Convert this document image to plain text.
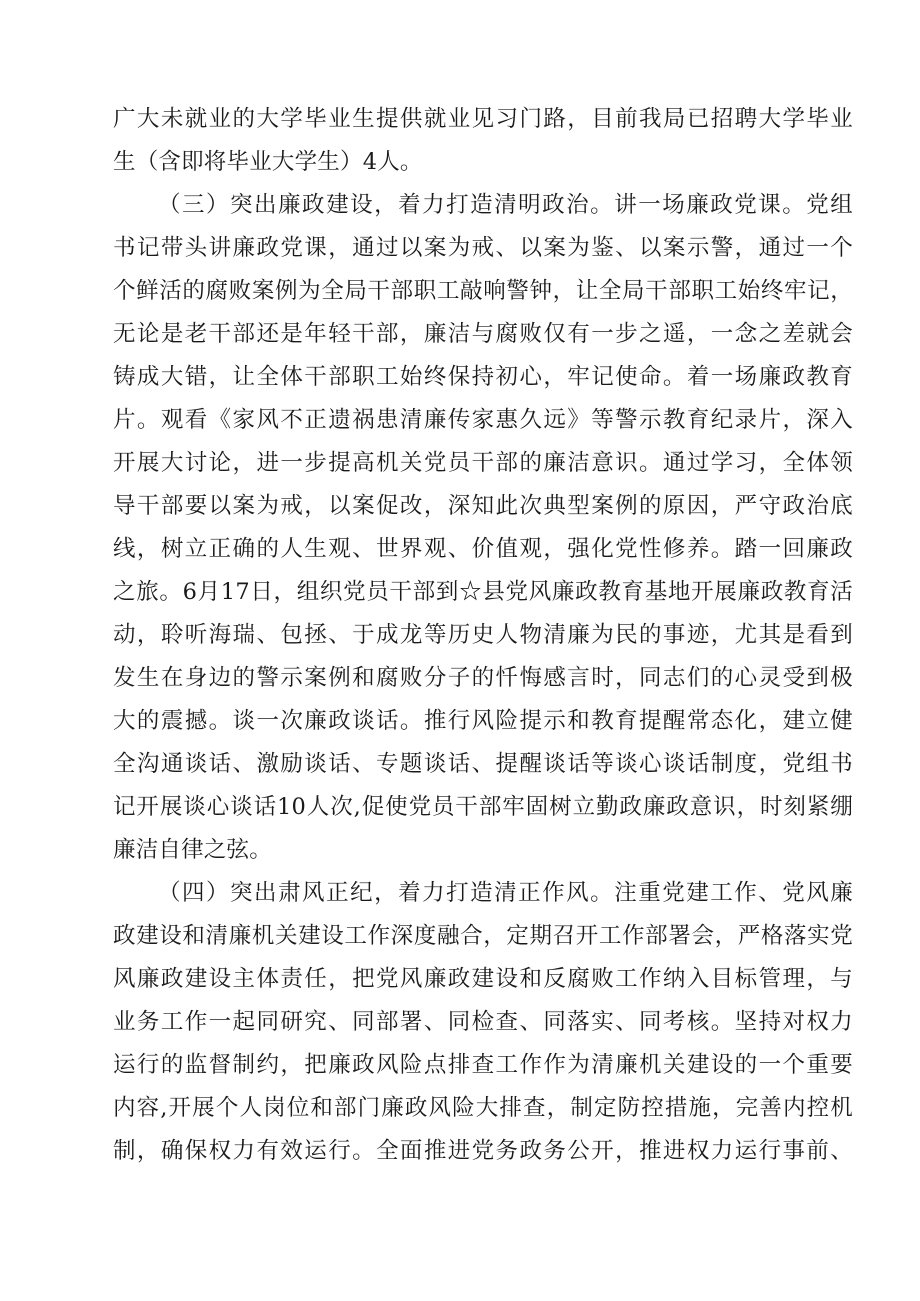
广大未就业的大学毕业生提供就业见习门路，目前我局已招聘大学毕业
生（含即将毕业大学生）4人。
（三）突出廉政建设，着力打造清明政治。讲一场廉政党课。党组
书记带头讲廉政党课，通过以案为戒、以案为鉴、以案示警，通过一个
个鲜活的腐败案例为全局干部职工敲响警钟，让全局干部职工始终牢记，
无论是老干部还是年轻干部，廉洁与腐败仅有一步之遥，一念之差就会
铸成大错，让全体干部职工始终保持初心，牢记使命。着一场廉政教育
片。观看《家风不正遗祸患清廉传家惠久远》等警示教育纪录片，深入
开展大讨论，进一步提高机关党员干部的廉洁意识。通过学习，全体领
导干部要以案为戒，以案促改，深知此次典型案例的原因，严守政治底
线，树立正确的人生观、世界观、价值观，强化党性修养。踏一回廉政
之旅。6月17日，组织党员干部到☆县党风廉政教育基地开展廉政教育活
动，聆听海瑞、包拯、于成龙等历史人物清廉为民的事迹，尤其是看到
发生在身边的警示案例和腐败分子的忏悔感言时，同志们的心灵受到极
大的震撼。谈一次廉政谈话。推行风险提示和教育提醒常态化，建立健
全沟通谈话、激励谈话、专题谈话、提醒谈话等谈心谈话制度，党组书
记开展谈心谈话10人次,促使党员干部牢固树立勤政廉政意识，时刻紧绷
廉洁自律之弦。
（四）突出肃风正纪，着力打造清正作风。注重党建工作、党风廉
政建设和清廉机关建设工作深度融合，定期召开工作部署会，严格落实党
风廉政建设主体责任，把党风廉政建设和反腐败工作纳入目标管理，与
业务工作一起同研究、同部署、同检查、同落实、同考核。坚持对权力
运行的监督制约，把廉政风险点排查工作作为清廉机关建设的一个重要
内容,开展个人岗位和部门廉政风险大排查，制定防控措施，完善内控机
制，确保权力有效运行。全面推进党务政务公开，推进权力运行事前、
